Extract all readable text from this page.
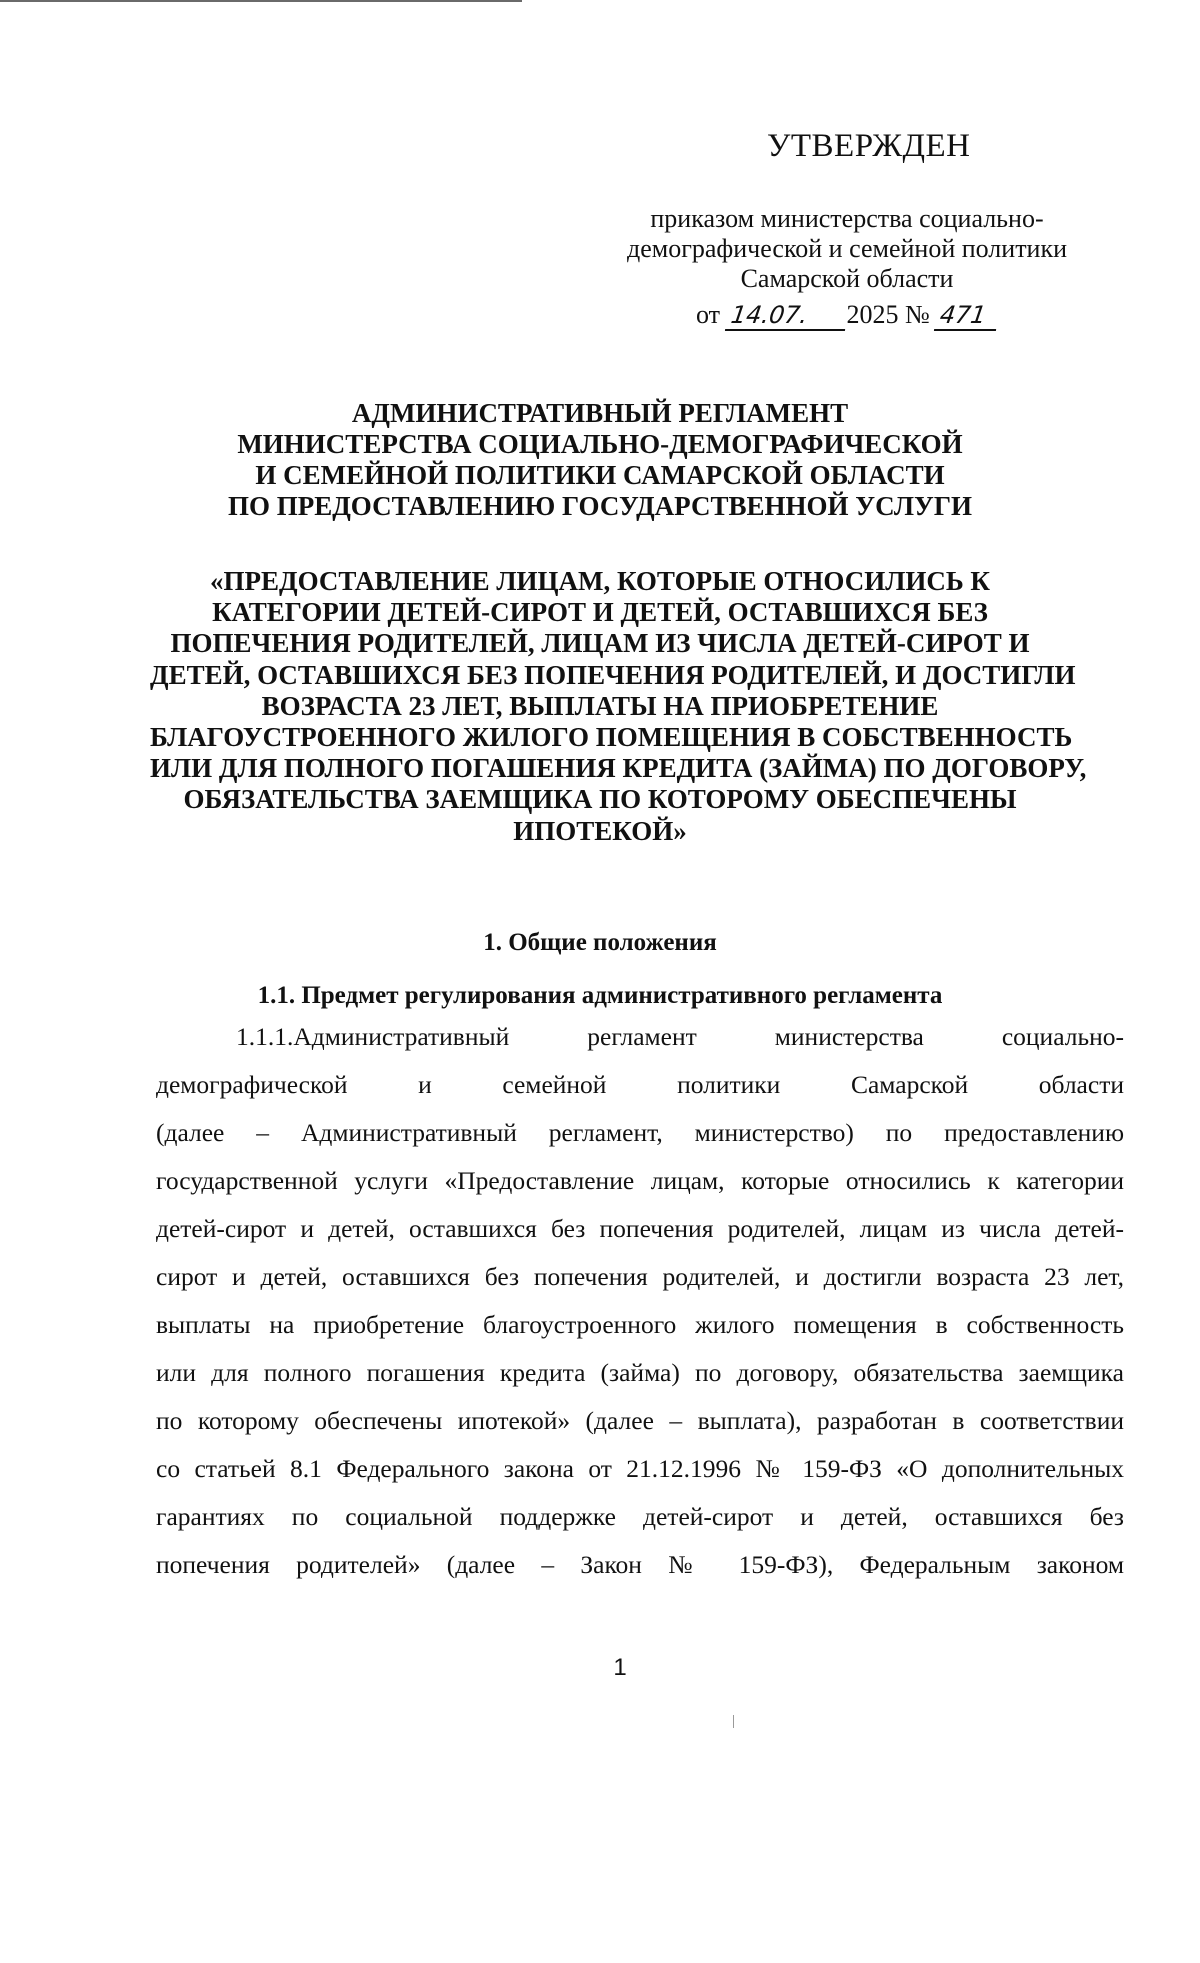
УТВЕРЖДЕН
приказом министерства социально-
демографической и семейной политики
Самарской области
от 14.07. 2025 № 471
АДМИНИСТРАТИВНЫЙ РЕГЛАМЕНТ
МИНИСТЕРСТВА СОЦИАЛЬНО-ДЕМОГРАФИЧЕСКОЙ
И СЕМЕЙНОЙ ПОЛИТИКИ САМАРСКОЙ ОБЛАСТИ
ПО ПРЕДОСТАВЛЕНИЮ ГОСУДАРСТВЕННОЙ УСЛУГИ
«ПРЕДОСТАВЛЕНИЕ ЛИЦАМ, КОТОРЫЕ ОТНОСИЛИСЬ К
КАТЕГОРИИ ДЕТЕЙ-СИРОТ И ДЕТЕЙ, ОСТАВШИХСЯ БЕЗ
ПОПЕЧЕНИЯ РОДИТЕЛЕЙ, ЛИЦАМ ИЗ ЧИСЛА ДЕТЕЙ-СИРОТ И
ДЕТЕЙ, ОСТАВШИХСЯ БЕЗ ПОПЕЧЕНИЯ РОДИТЕЛЕЙ, И ДОСТИГЛИ
ВОЗРАСТА 23 ЛЕТ, ВЫПЛАТЫ НА ПРИОБРЕТЕНИЕ
БЛАГОУСТРОЕННОГО ЖИЛОГО ПОМЕЩЕНИЯ В СОБСТВЕННОСТЬ
ИЛИ ДЛЯ ПОЛНОГО ПОГАШЕНИЯ КРЕДИТА (ЗАЙМА) ПО ДОГОВОРУ,
ОБЯЗАТЕЛЬСТВА ЗАЕМЩИКА ПО КОТОРОМУ ОБЕСПЕЧЕНЫ
ИПОТЕКОЙ»
1. Общие положения
1.1. Предмет регулирования административного регламента
1.1.1.Административный регламент министерства социально-
демографической и семейной политики Самарской области
(далее – Административный регламент, министерство) по предоставлению
государственной услуги «Предоставление лицам, которые относились к категории
детей-сирот и детей, оставшихся без попечения родителей, лицам из числа детей-
сирот и детей, оставшихся без попечения родителей, и достигли возраста 23 лет,
выплаты на приобретение благоустроенного жилого помещения в собственность
или для полного погашения кредита (займа) по договору, обязательства заемщика
по которому обеспечены ипотекой» (далее – выплата), разработан в соответствии
со статьей 8.1 Федерального закона от 21.12.1996 № 159-ФЗ «О дополнительных
гарантиях по социальной поддержке детей-сирот и детей, оставшихся без
попечения родителей» (далее – Закон № 159-ФЗ), Федеральным законом
1
